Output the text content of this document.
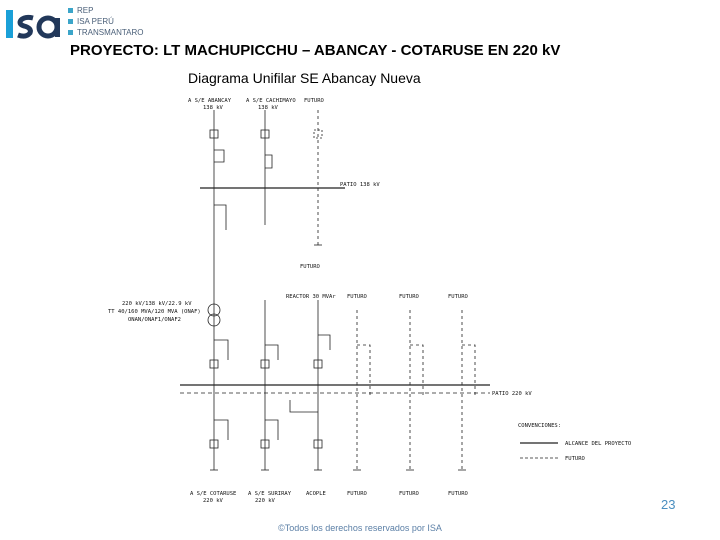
REP
ISA PERÚ
TRANSMANTARO
PROYECTO: LT MACHUPICCHU – ABANCAY - COTARUSE EN 220 kV
Diagrama Unifilar SE Abancay Nueva
A S/E ABANCAY	A S/E CACHIMAYO FUTURO
138 kV	138 kV
PATIO 138 kV
FUTURO
220 kV/138 kV/22.9 kV
TT 40/160 MVA/120 MVA (ONAF)
ONAN/ONAF1/ONAF2
REACTOR 30 MVAr FUTURO	FUTURO	FUTURO
PATIO 220 kV
CONVENCIONES:
ALCANCE DEL PROYECTO
FUTURO
A S/E COTARUSE A S/E SURIRAY	ACOPLE	FUTURO	FUTURO	FUTURO
220 kV	220 kV	23
©Todos los derechos reservados por ISA
